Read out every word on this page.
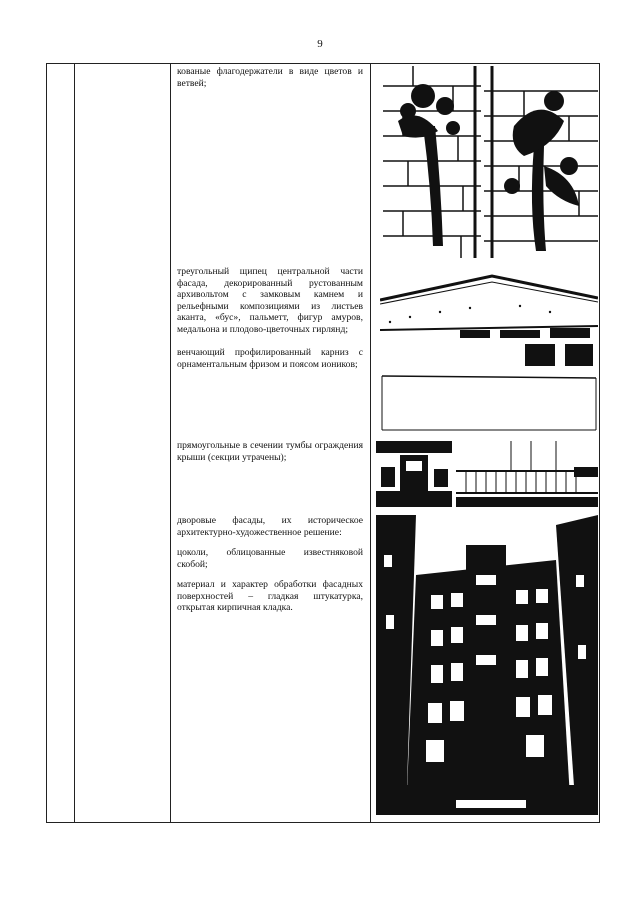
9

кованые флагодержатели в виде цветов и ветвей;

треугольный щипец центральной части фасада, декорированный рустованным архивольтом с замковым камнем и рельефными композициями из листьев аканта, «бус», пальметт, фигур амуров, медальона и плодово-цветочных гирлянд;

венчающий профилированный карниз с орнаментальным фризом и поясом иоников;

прямоугольные в сечении тумбы ограждения крыши (секции утрачены);

дворовые фасады, их историческое архитектурно-художественное решение:

цоколи, облицованные известняковой скобой;

материал и характер обработки фасадных поверхностей – гладкая штукатурка, открытая кирпичная кладка.
